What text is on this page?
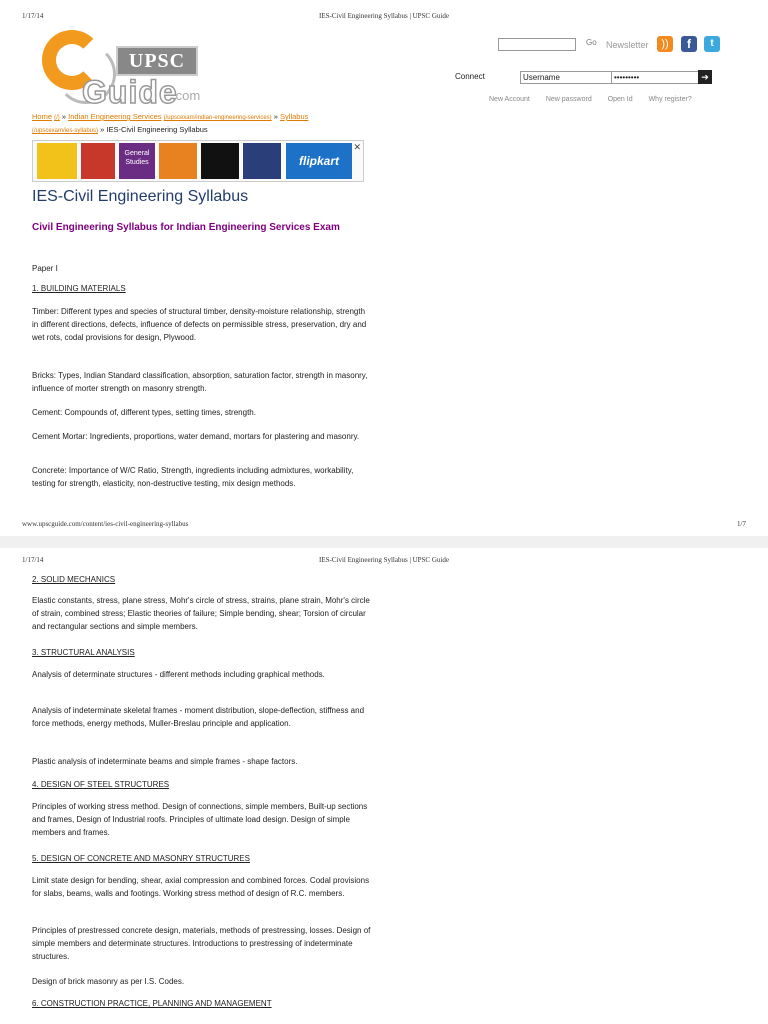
1/17/14	IES-Civil Engineering Syllabus | UPSC Guide
UPSC
Guide
.com
Go Newsletter	))	f	t
Connect	Username	•••••••••	➔
New Account New password Open Id Why register?
Home (/) » Indian Engineering Services (/upscexam/indian-engineering-services) » Syllabus
(/upscexam/ies-syllabus) » IES-Civil Engineering Syllabus
General Studies	flipkart
✕
IES-Civil Engineering Syllabus
Civil Engineering Syllabus for Indian Engineering Services Exam

Paper I

1. BUILDING MATERIALS

Timber: Different types and species of structural timber, density-moisture relationship, strength in different directions, defects, influence of defects on permissible stress, preservation, dry and wet rots, codal provisions for design, Plywood.

Bricks: Types, Indian Standard classification, absorption, saturation factor, strength in masonry, influence of morter strength on masonry strength.

Cement: Compounds of, different types, setting times, strength.

Cement Mortar: Ingredients, proportions, water demand, mortars for plastering and masonry.

Concrete: Importance of W/C Ratio, Strength, ingredients including admixtures, workability, testing for strength, elasticity, non-destructive testing, mix design methods.

www.upscguide.com/content/ies-civil-engineering-syllabus	1/7
1/17/14	IES-Civil Engineering Syllabus | UPSC Guide

2. SOLID MECHANICS

Elastic constants, stress, plane stress, Mohr's circle of stress, strains, plane strain, Mohr's circle of strain, combined stress; Elastic theories of failure; Simple bending, shear; Torsion of circular and rectangular sections and simple members.

3. STRUCTURAL ANALYSIS

Analysis of determinate structures - different methods including graphical methods.

Analysis of indeterminate skeletal frames - moment distribution, slope-deflection, stiffness and force methods, energy methods, Muller-Breslau principle and application.

Plastic analysis of indeterminate beams and simple frames - shape factors.

4. DESIGN OF STEEL STRUCTURES

Principles of working stress method. Design of connections, simple members, Built-up sections and frames, Design of Industrial roofs. Principles of ultimate load design. Design of simple members and frames.

5. DESIGN OF CONCRETE AND MASONRY STRUCTURES

Limit state design for bending, shear, axial compression and combined forces. Codal provisions for slabs, beams, walls and footings. Working stress method of design of R.C. members.

Principles of prestressed concrete design, materials, methods of prestressing, losses. Design of simple members and determinate structures. Introductions to prestressing of indeterminate structures.

Design of brick masonry as per I.S. Codes.

6. CONSTRUCTION PRACTICE, PLANNING AND MANAGEMENT
